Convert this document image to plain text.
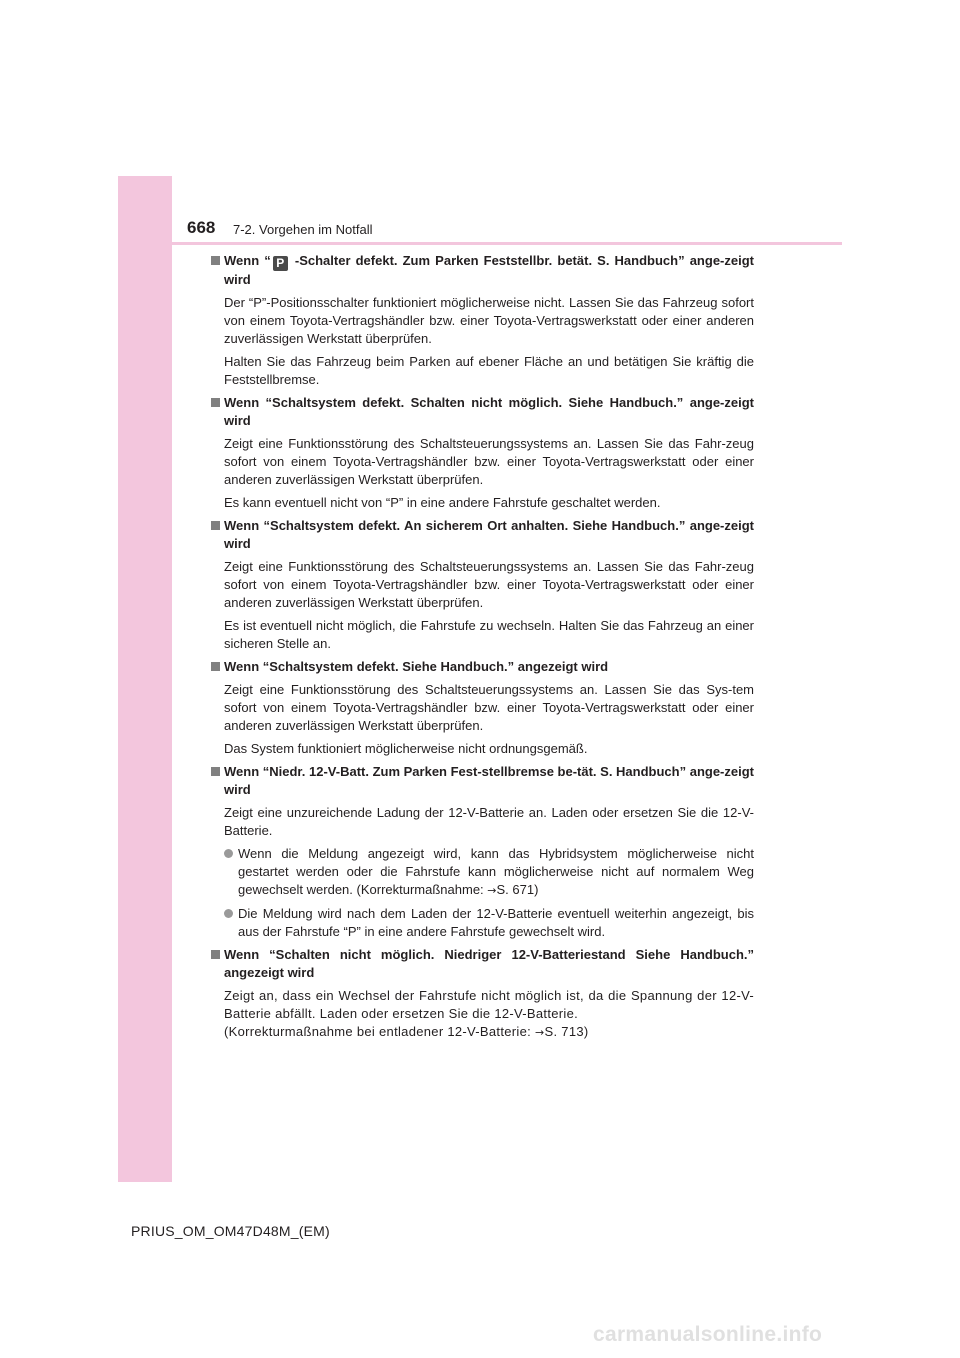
668 7-2. Vorgehen im Notfall
Wenn “ P -Schalter defekt. Zum Parken Feststellbr. betät. S. Handbuch” ange-zeigt wird
Der “P”-Positionsschalter funktioniert möglicherweise nicht. Lassen Sie das Fahrzeug sofort von einem Toyota-Vertragshändler bzw. einer Toyota-Vertragswerkstatt oder einer anderen zuverlässigen Werkstatt überprüfen.
Halten Sie das Fahrzeug beim Parken auf ebener Fläche an und betätigen Sie kräftig die Feststellbremse.
Wenn “Schaltsystem defekt. Schalten nicht möglich. Siehe Handbuch.” ange-zeigt wird
Zeigt eine Funktionsstörung des Schaltsteuerungssystems an. Lassen Sie das Fahr-zeug sofort von einem Toyota-Vertragshändler bzw. einer Toyota-Vertragswerkstatt oder einer anderen zuverlässigen Werkstatt überprüfen.
Es kann eventuell nicht von “P” in eine andere Fahrstufe geschaltet werden.
Wenn “Schaltsystem defekt. An sicherem Ort anhalten. Siehe Handbuch.” ange-zeigt wird
Zeigt eine Funktionsstörung des Schaltsteuerungssystems an. Lassen Sie das Fahr-zeug sofort von einem Toyota-Vertragshändler bzw. einer Toyota-Vertragswerkstatt oder einer anderen zuverlässigen Werkstatt überprüfen.
Es ist eventuell nicht möglich, die Fahrstufe zu wechseln. Halten Sie das Fahrzeug an einer sicheren Stelle an.
Wenn “Schaltsystem defekt. Siehe Handbuch.” angezeigt wird
Zeigt eine Funktionsstörung des Schaltsteuerungssystems an. Lassen Sie das Sys-tem sofort von einem Toyota-Vertragshändler bzw. einer Toyota-Vertragswerkstatt oder einer anderen zuverlässigen Werkstatt überprüfen.
Das System funktioniert möglicherweise nicht ordnungsgemäß.
Wenn “Niedr. 12-V-Batt. Zum Parken Fest-stellbremse be-tät. S. Handbuch” ange-zeigt wird
Zeigt eine unzureichende Ladung der 12-V-Batterie an. Laden oder ersetzen Sie die 12-V-Batterie.
Wenn die Meldung angezeigt wird, kann das Hybridsystem möglicherweise nicht gestartet werden oder die Fahrstufe kann möglicherweise nicht auf normalem Weg gewechselt werden. (Korrekturmaßnahme: →S. 671)
Die Meldung wird nach dem Laden der 12-V-Batterie eventuell weiterhin angezeigt, bis aus der Fahrstufe “P” in eine andere Fahrstufe gewechselt wird.
Wenn “Schalten nicht möglich. Niedriger 12-V-Batteriestand Siehe Handbuch.” angezeigt wird
Zeigt an, dass ein Wechsel der Fahrstufe nicht möglich ist, da die Spannung der 12-V-Batterie abfällt. Laden oder ersetzen Sie die 12-V-Batterie.
(Korrekturmaßnahme bei entladener 12-V-Batterie: →S. 713)
PRIUS_OM_OM47D48M_(EM)
carmanualsonline.info
